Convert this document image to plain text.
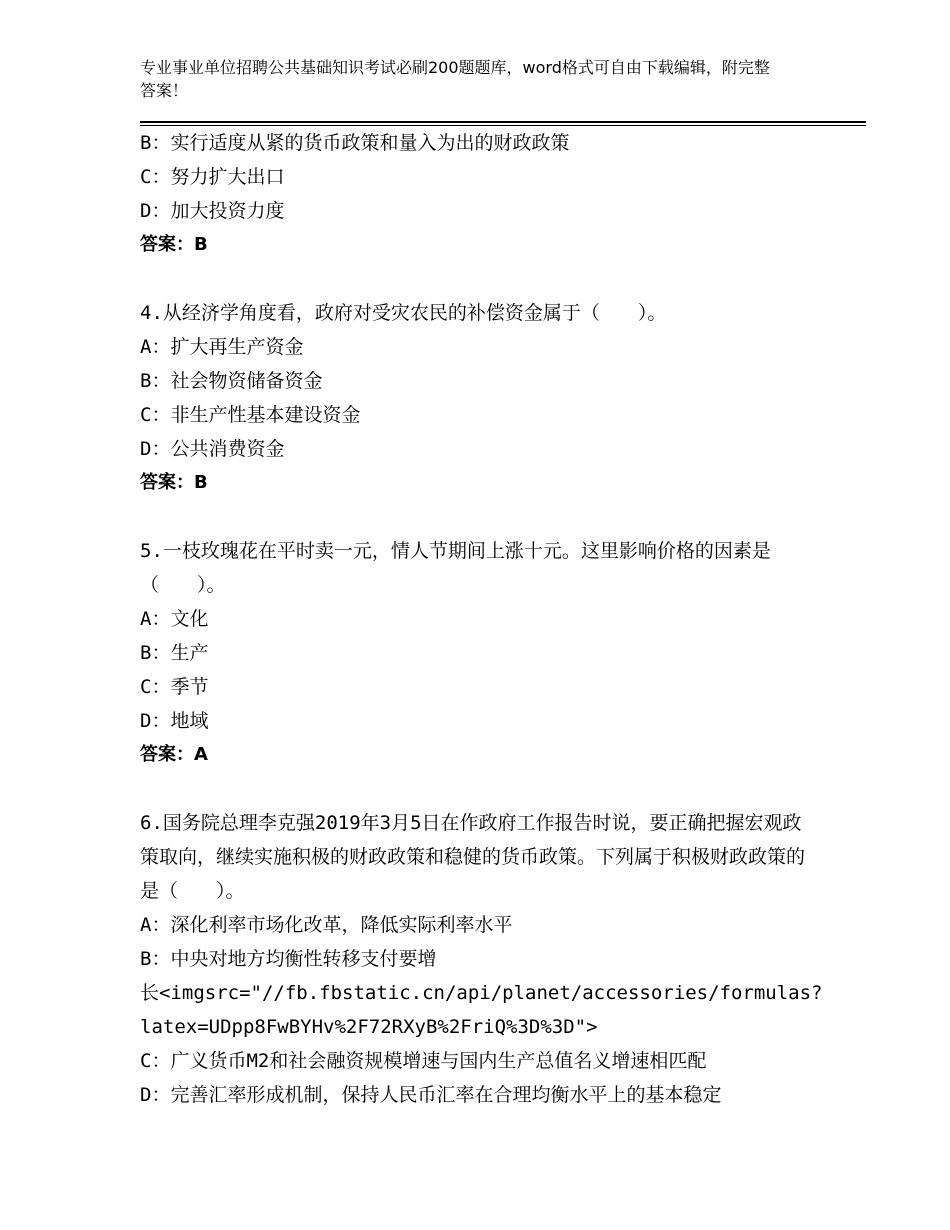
专业事业单位招聘公共基础知识考试必刷200题题库，word格式可自由下载编辑，附完整答案！
B：实行适度从紧的货币政策和量入为出的财政政策
C：努力扩大出口
D：加大投资力度
答案：B
4.从经济学角度看，政府对受灾农民的补偿资金属于（　　）。
A：扩大再生产资金
B：社会物资储备资金
C：非生产性基本建设资金
D：公共消费资金
答案：B
5.一枝玫瑰花在平时卖一元，情人节期间上涨十元。这里影响价格的因素是（　　）。
A：文化
B：生产
C：季节
D：地域
答案：A
6.国务院总理李克强2019年3月5日在作政府工作报告时说，要正确把握宏观政策取向，继续实施积极的财政政策和稳健的货币政策。下列属于积极财政政策的是（　　）。
A：深化利率市场化改革，降低实际利率水平
B：中央对地方均衡性转移支付要增
长<imgsrc="//fb.fbstatic.cn/api/planet/accessories/formulas?
latex=UDpp8FwBYHv%2F72RXyB%2FriQ%3D%3D">
C：广义货币M2和社会融资规模增速与国内生产总值名义增速相匹配
D：完善汇率形成机制，保持人民币汇率在合理均衡水平上的基本稳定
